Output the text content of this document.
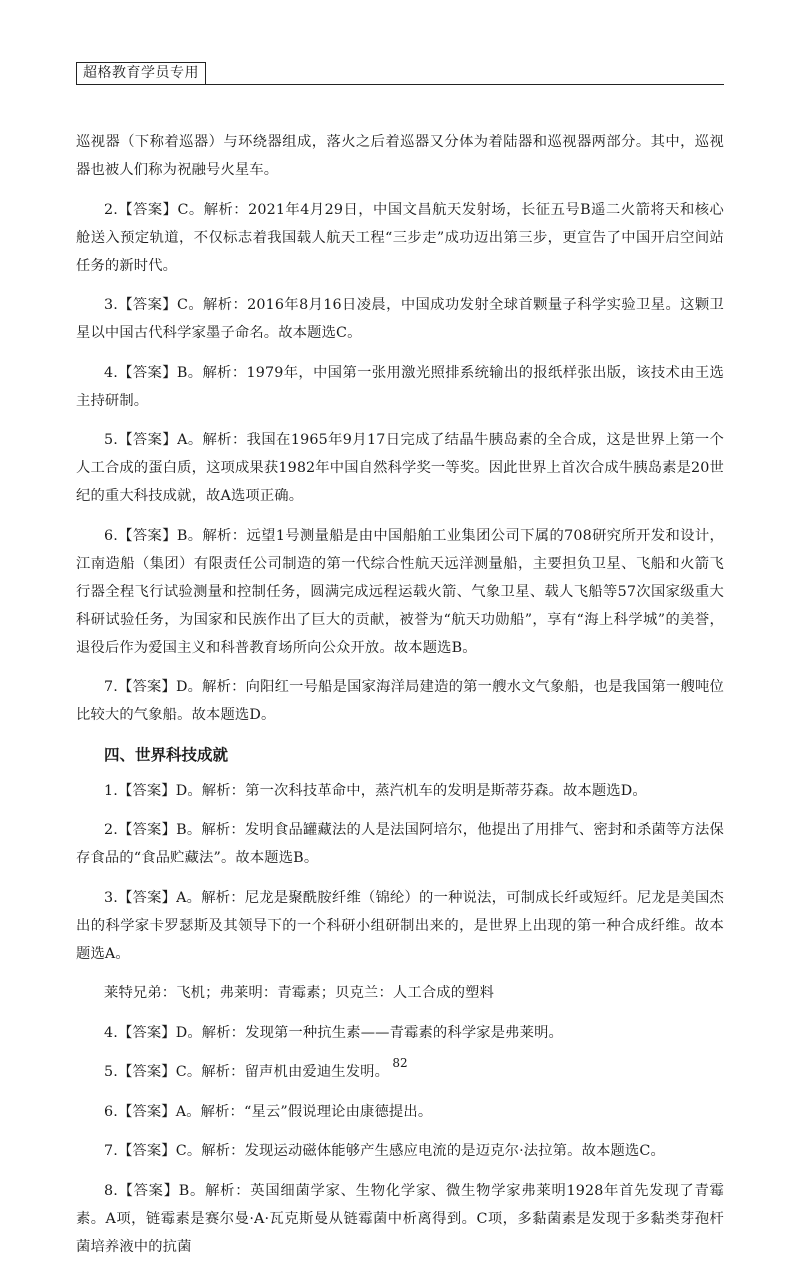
超格教育学员专用

巡视器（下称着巡器）与环绕器组成，落火之后着巡器又分体为着陆器和巡视器两部分。其中，巡视器也被人们称为祝融号火星车。

2.【答案】C。解析：2021年4月29日，中国文昌航天发射场，长征五号B遥二火箭将天和核心舱送入预定轨道，不仅标志着我国载人航天工程“三步走”成功迈出第三步，更宣告了中国开启空间站任务的新时代。

3.【答案】C。解析：2016年8月16日凌晨，中国成功发射全球首颗量子科学实验卫星。这颗卫星以中国古代科学家墨子命名。故本题选C。

4.【答案】B。解析：1979年，中国第一张用激光照排系统输出的报纸样张出版，该技术由王选主持研制。

5.【答案】A。解析：我国在1965年9月17日完成了结晶牛胰岛素的全合成，这是世界上第一个人工合成的蛋白质，这项成果获1982年中国自然科学奖一等奖。因此世界上首次合成牛胰岛素是20世纪的重大科技成就，故A选项正确。

6.【答案】B。解析：远望1号测量船是由中国船舶工业集团公司下属的708研究所开发和设计，江南造船（集团）有限责任公司制造的第一代综合性航天远洋测量船，主要担负卫星、飞船和火箭飞行器全程飞行试验测量和控制任务，圆满完成远程运载火箭、气象卫星、载人飞船等57次国家级重大科研试验任务，为国家和民族作出了巨大的贡献，被誉为“航天功勋船”，享有“海上科学城”的美誉，退役后作为爱国主义和科普教育场所向公众开放。故本题选B。

7.【答案】D。解析：向阳红一号船是国家海洋局建造的第一艘水文气象船，也是我国第一艘吨位比较大的气象船。故本题选D。

四、世界科技成就

1.【答案】D。解析：第一次科技革命中，蒸汽机车的发明是斯蒂芬森。故本题选D。

2.【答案】B。解析：发明食品罐藏法的人是法国阿培尔，他提出了用排气、密封和杀菌等方法保存食品的“食品贮藏法”。故本题选B。

3.【答案】A。解析：尼龙是聚酰胺纤维（锦纶）的一种说法，可制成长纤或短纤。尼龙是美国杰出的科学家卡罗瑟斯及其领导下的一个科研小组研制出来的，是世界上出现的第一种合成纤维。故本题选A。

莱特兄弟：飞机；弗莱明：青霉素；贝克兰：人工合成的塑料

4.【答案】D。解析：发现第一种抗生素——青霉素的科学家是弗莱明。

5.【答案】C。解析：留声机由爱迪生发明。

6.【答案】A。解析：“星云”假说理论由康德提出。

7.【答案】C。解析：发现运动磁体能够产生感应电流的是迈克尔·法拉第。故本题选C。

8.【答案】B。解析：英国细菌学家、生物化学家、微生物学家弗莱明1928年首先发现了青霉素。A项，链霉素是赛尔曼·A·瓦克斯曼从链霉菌中析离得到。C项，多黏菌素是发现于多黏类芽孢杆菌培养液中的抗菌

82
